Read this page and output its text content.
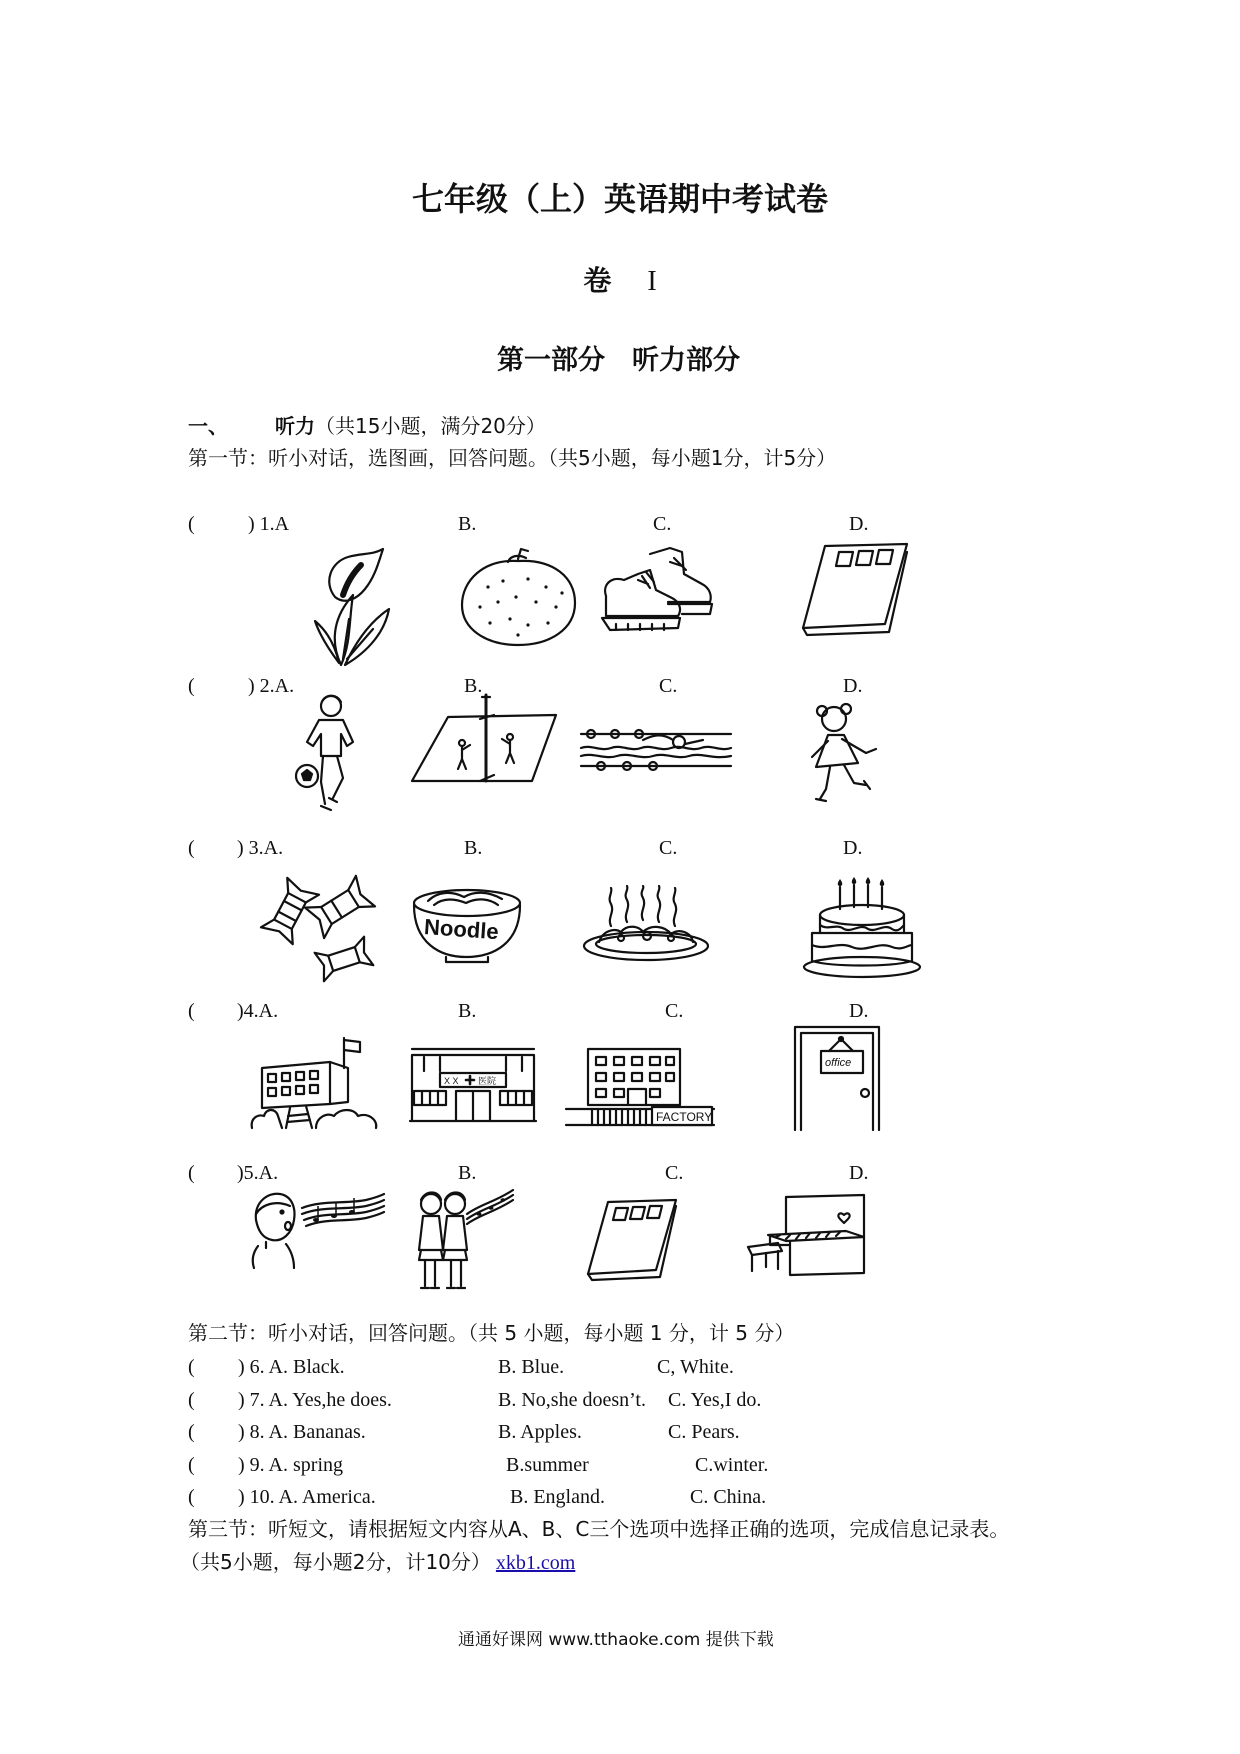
七年级（上）英语期中考试卷
卷 I
第一部分　听力部分
一、 听力（共15小题，满分20分）
第一节：听小对话，选图画，回答问题。（共5小题，每小题1分，计5分）
(	) 1.A	B.	C.	D.
(	) 2.A.	B.	C.	D.
( ) 3.A.	B.	C.	D.
Noodle
( )4.A.	B.	C.	D.
X X 医院
FACTORY
office
( )5.A.	B.	C.	D.
第二节：听小对话，回答问题。（共 5 小题，每小题 1 分，计 5 分）
( ) 6. A. Black.	B. Blue.	C, White.
( ) 7. A. Yes,he does.	B. No,she doesn’t. C. Yes,I do.
( ) 8. A. Bananas.	B. Apples.	C. Pears.
( ) 9. A. spring	B.summer	C.winter.
( ) 10. A. America.	B. England.	C. China.
第三节：听短文，请根据短文内容从A、B、C三个选项中选择正确的选项，完成信息记录表。
（共5小题，每小题2分，计10分） xkb1.com
通通好课网 www.tthaoke.com 提供下载
